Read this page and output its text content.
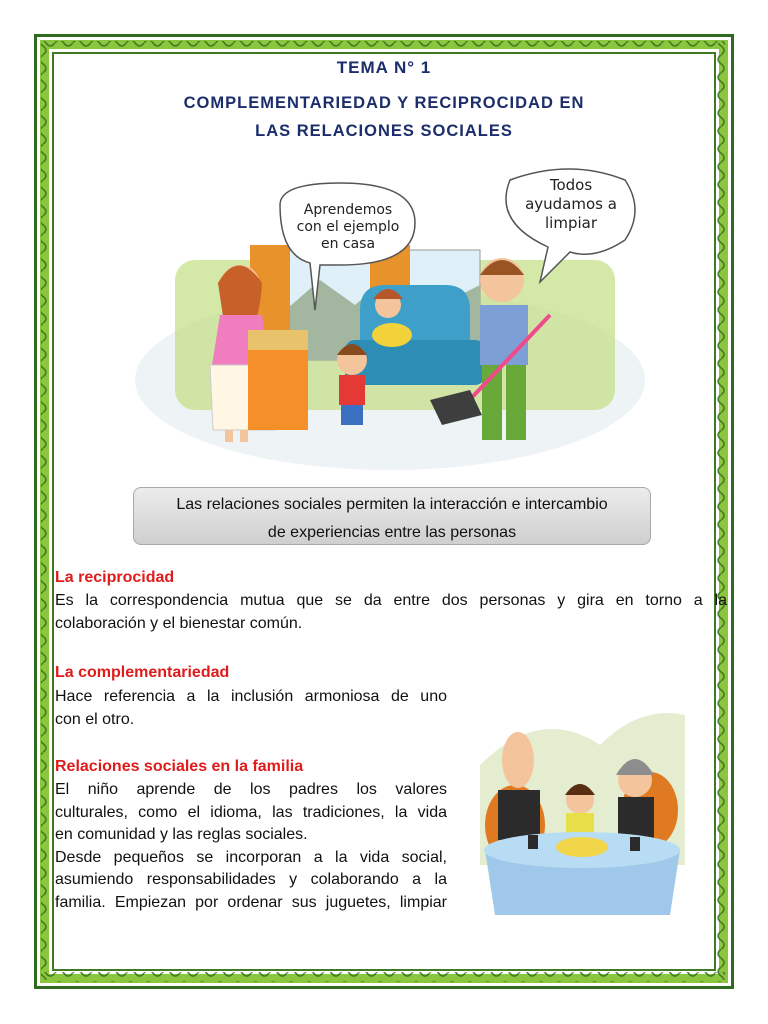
TEMA N° 1
COMPLEMENTARIEDAD Y RECIPROCIDAD EN
LAS RELACIONES SOCIALES
Aprendemos
con el ejemplo
en casa
Todos
ayudamos a
limpiar

Las relaciones sociales permiten la interacción e intercambio

de experiencias entre las personas

La reciprocidad
Es la correspondencia mutua que se da entre dos personas y gira en torno a la
colaboración y el bienestar común.
La complementariedad
Hace referencia a la inclusión armoniosa de uno
con el otro.
Relaciones sociales en la familia
El niño aprende de los padres los valores
culturales, como el idioma, las tradiciones, la vida
en comunidad y las reglas sociales.
Desde pequeños se incorporan a la vida social,
asumiendo responsabilidades y colaborando a la
familia. Empiezan por ordenar sus juguetes, limpiar
